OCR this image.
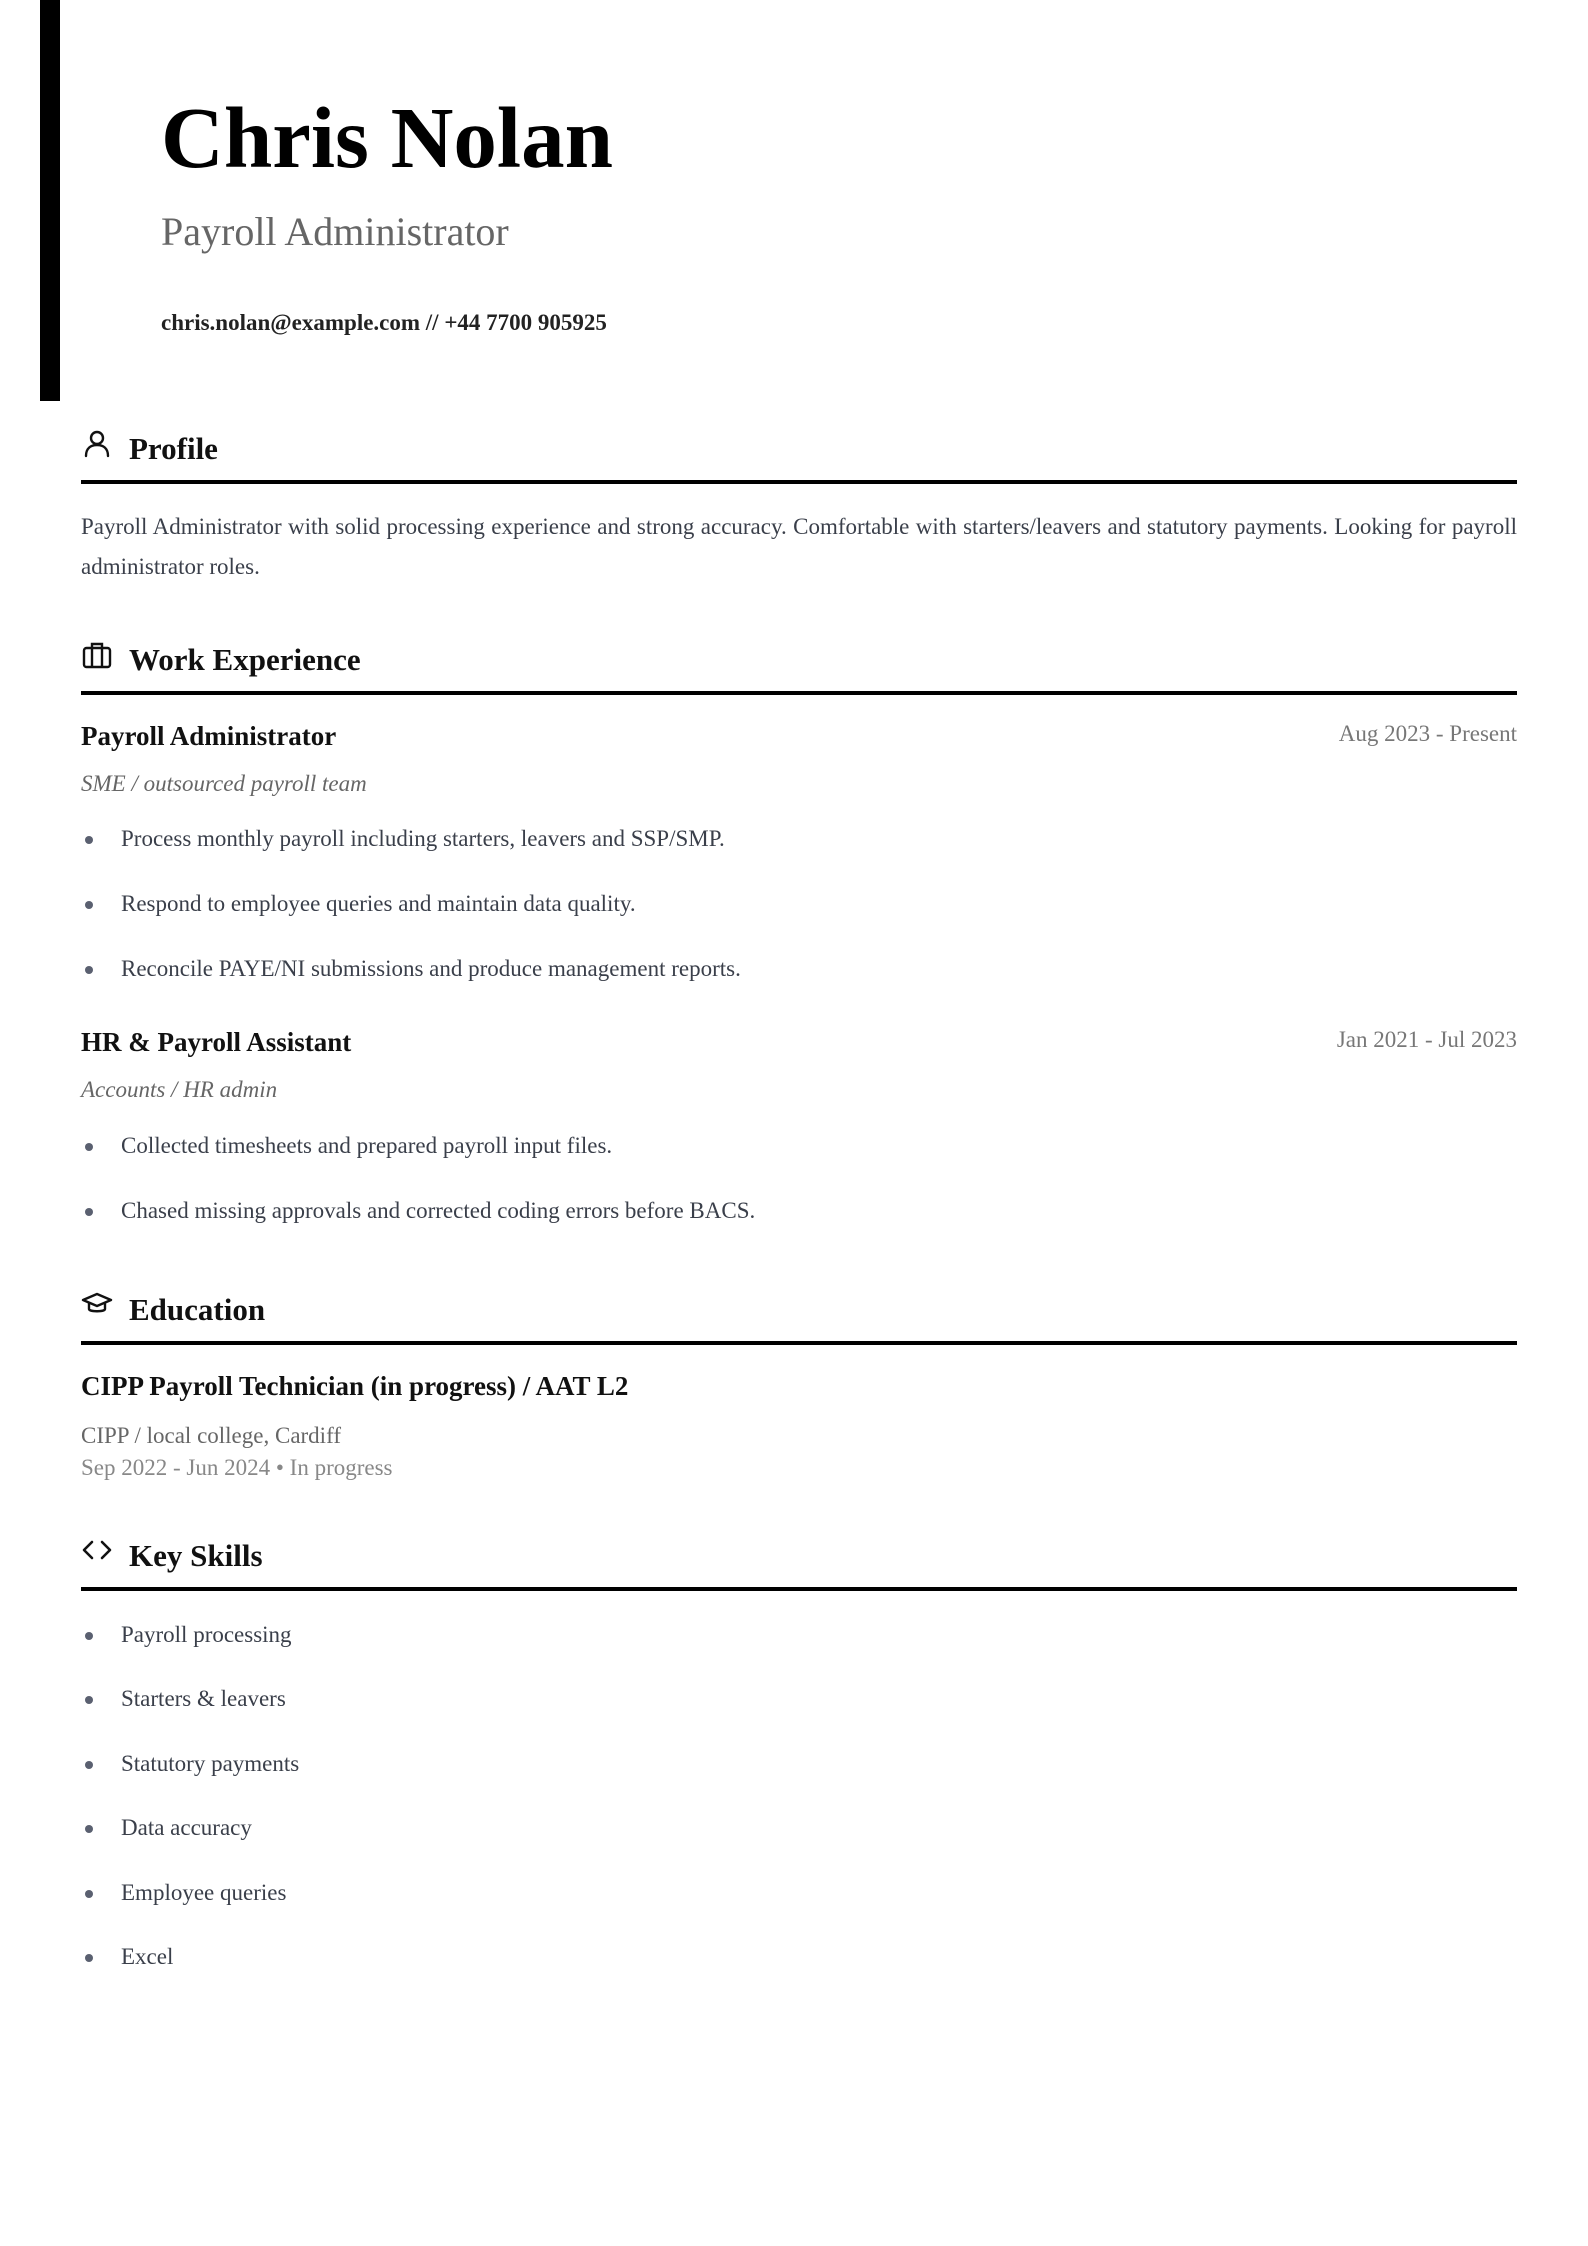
Chris Nolan
Payroll Administrator
chris.nolan@example.com // +44 7700 905925
Profile

Payroll Administrator with solid processing experience and strong accuracy. Comfortable with starters/leavers and statutory payments. Looking for payroll administrator roles.

Work Experience
Payroll Administrator	Aug 2023 - Present
SME / outsourced payroll team
Process monthly payroll including starters, leavers and SSP/SMP.
Respond to employee queries and maintain data quality.
Reconcile PAYE/NI submissions and produce management reports.
HR & Payroll Assistant	Jan 2021 - Jul 2023
Accounts / HR admin
Collected timesheets and prepared payroll input files.
Chased missing approvals and corrected coding errors before BACS.
Education
CIPP Payroll Technician (in progress) / AAT L2
CIPP / local college, Cardiff
Sep 2022 - Jun 2024 • In progress
Key Skills
Payroll processing
Starters & leavers
Statutory payments
Data accuracy
Employee queries
Excel
